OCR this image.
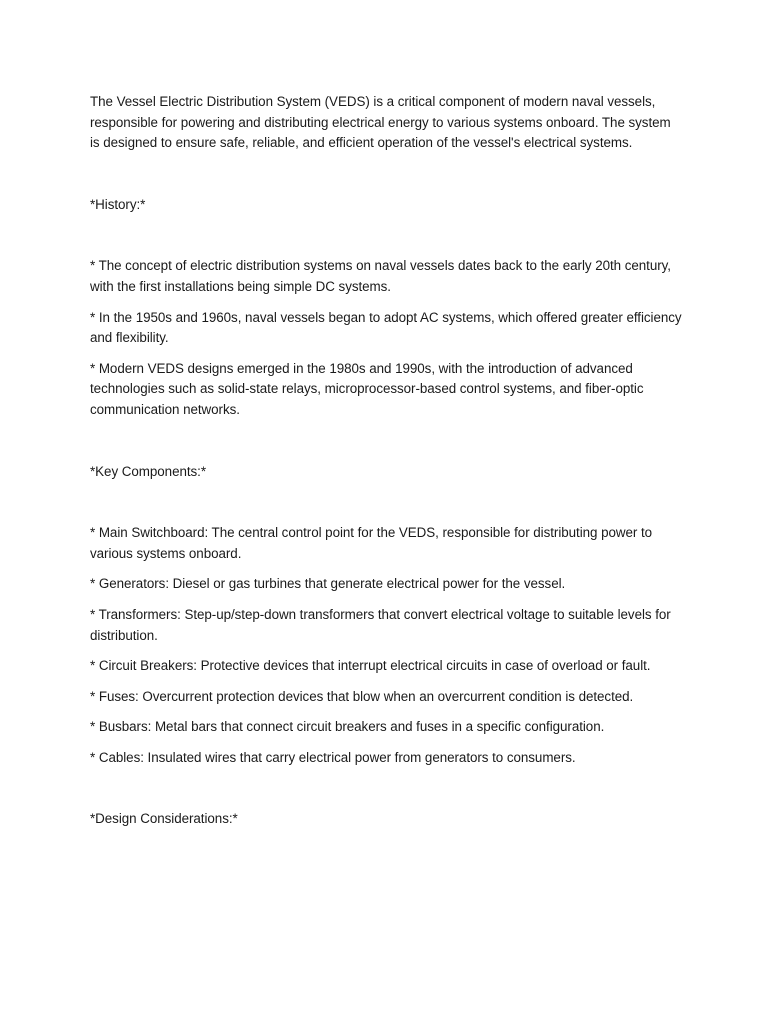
The Vessel Electric Distribution System (VEDS) is a critical component of modern naval vessels, responsible for powering and distributing electrical energy to various systems onboard. The system is designed to ensure safe, reliable, and efficient operation of the vessel's electrical systems.

*History:*

* The concept of electric distribution systems on naval vessels dates back to the early 20th century, with the first installations being simple DC systems.

* In the 1950s and 1960s, naval vessels began to adopt AC systems, which offered greater efficiency and flexibility.

* Modern VEDS designs emerged in the 1980s and 1990s, with the introduction of advanced technologies such as solid-state relays, microprocessor-based control systems, and fiber-optic communication networks.

*Key Components:*

* Main Switchboard: The central control point for the VEDS, responsible for distributing power to various systems onboard.

* Generators: Diesel or gas turbines that generate electrical power for the vessel.

* Transformers: Step-up/step-down transformers that convert electrical voltage to suitable levels for distribution.

* Circuit Breakers: Protective devices that interrupt electrical circuits in case of overload or fault.

* Fuses: Overcurrent protection devices that blow when an overcurrent condition is detected.

* Busbars: Metal bars that connect circuit breakers and fuses in a specific configuration.

* Cables: Insulated wires that carry electrical power from generators to consumers.

*Design Considerations:*
